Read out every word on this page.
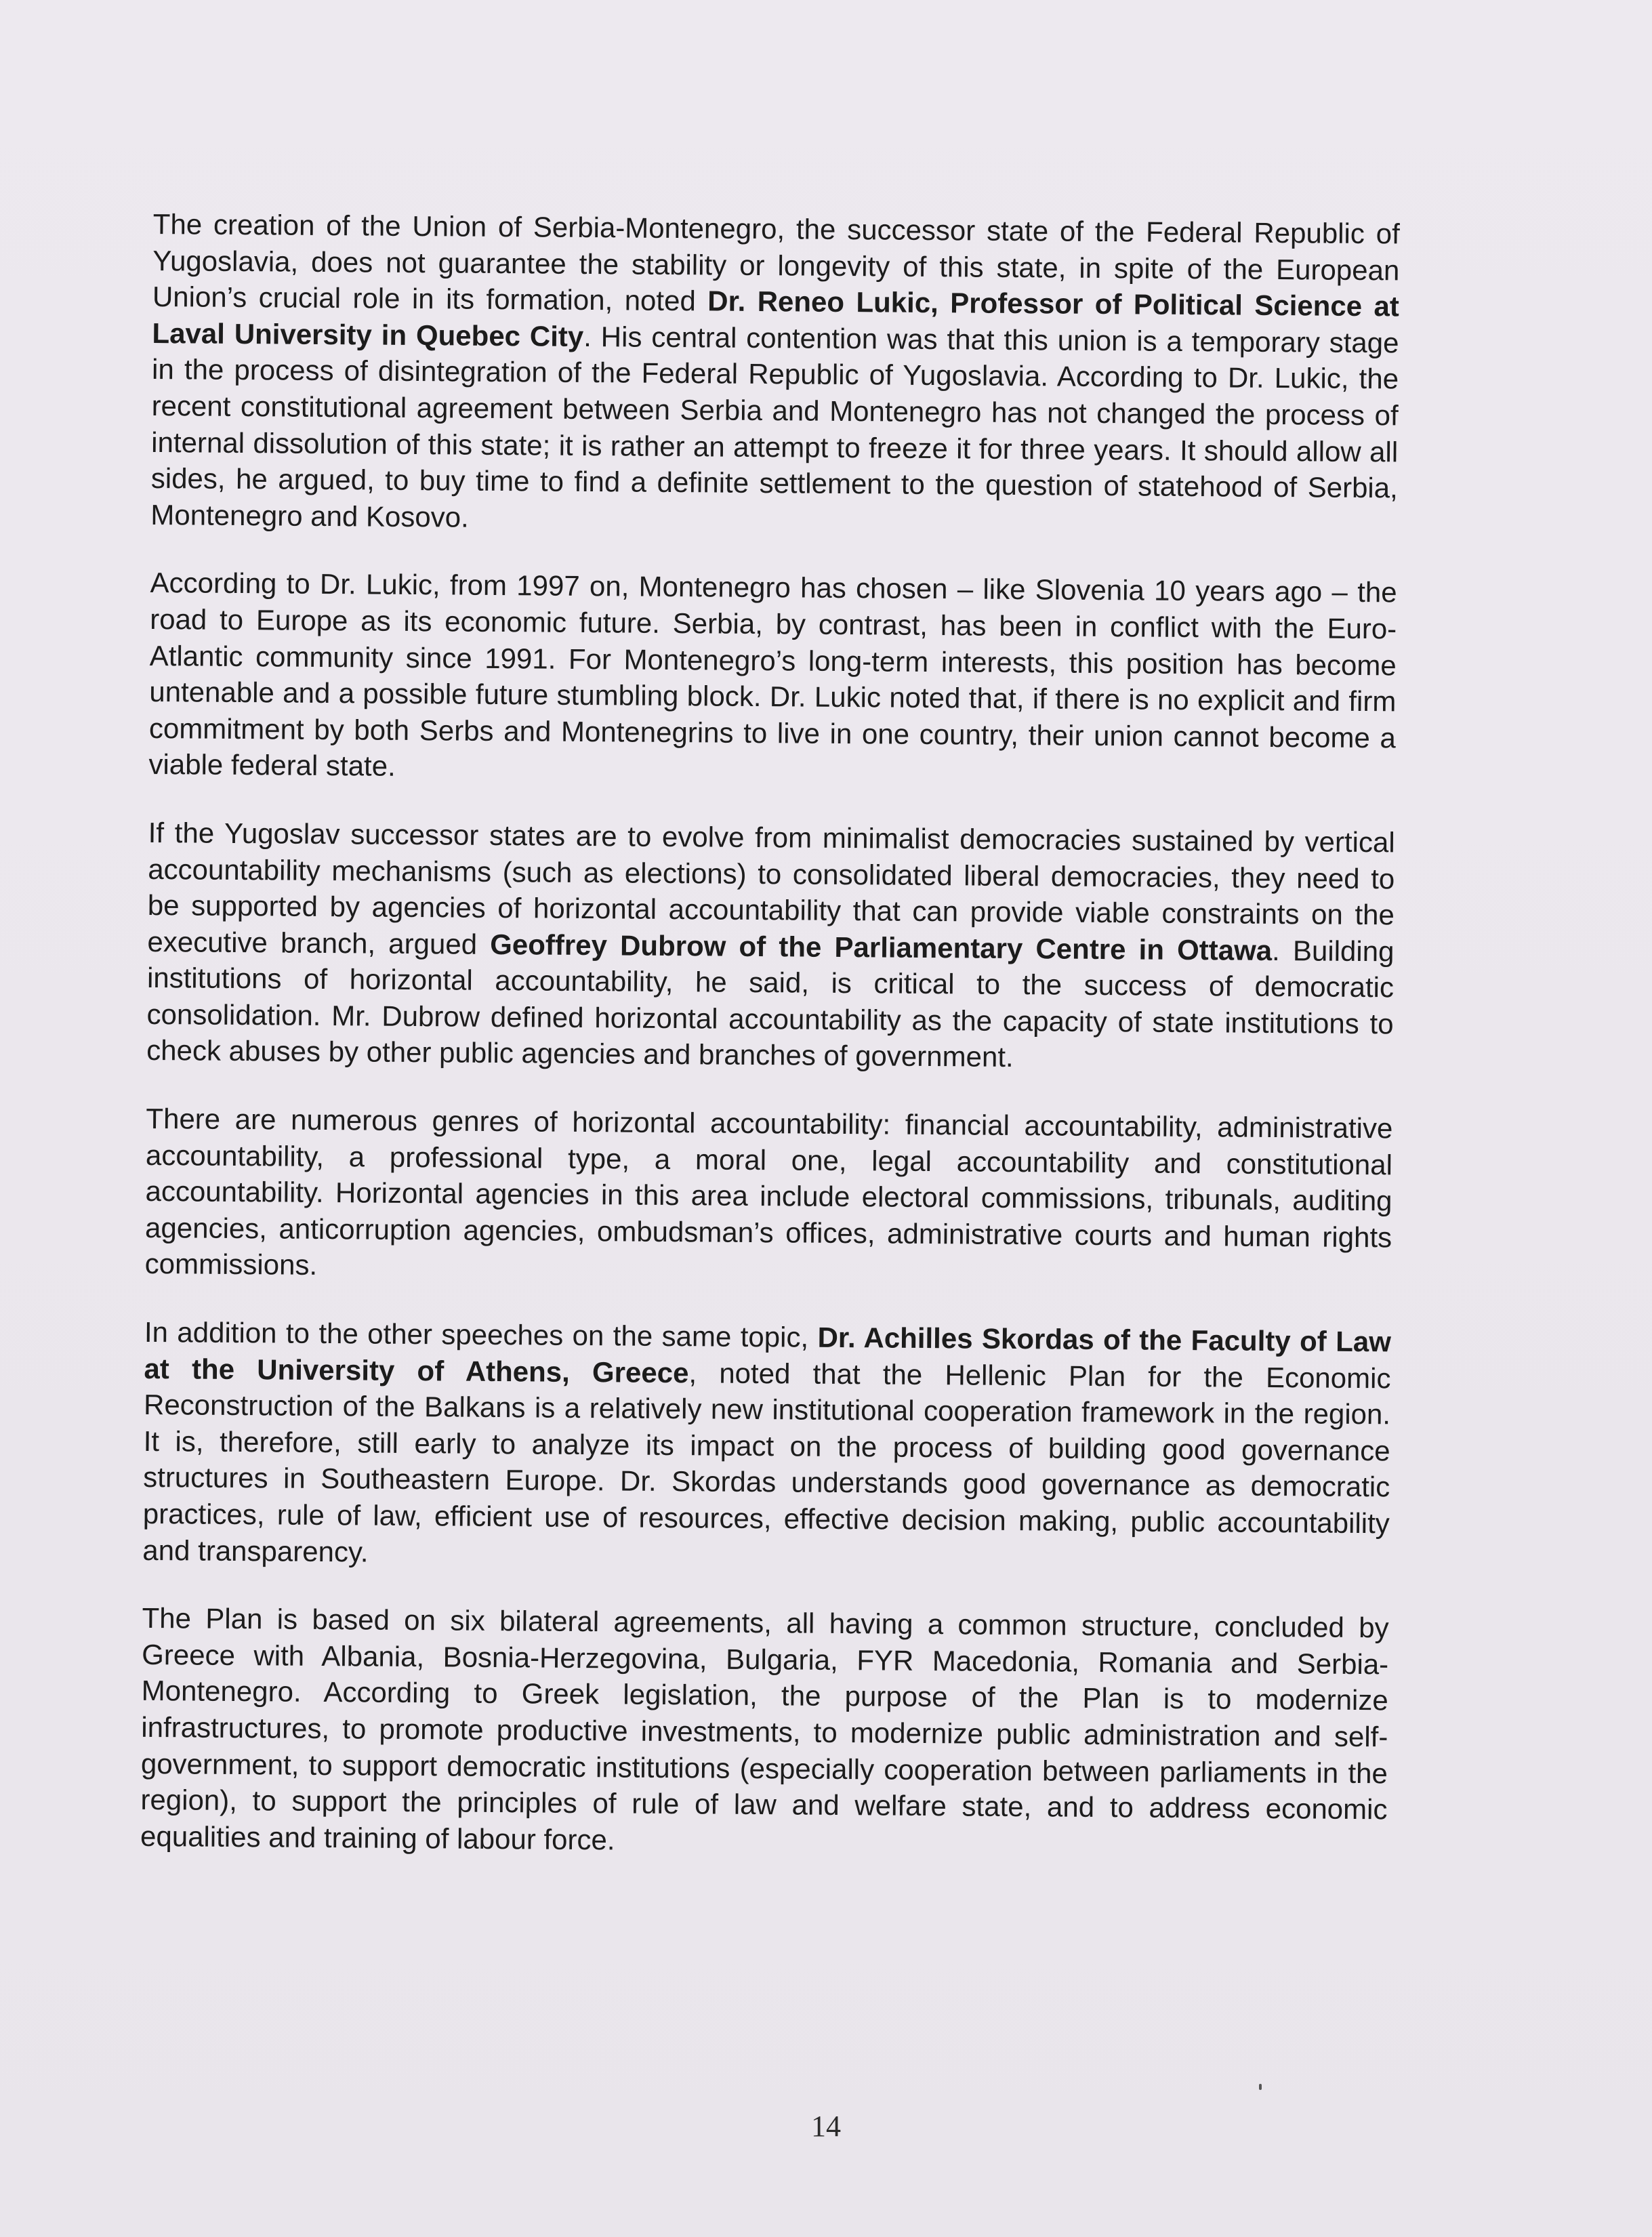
The creation of the Union of Serbia-Montenegro, the successor state of the Federal Republic of Yugoslavia, does not guarantee the stability or longevity of this state, in spite of the European Union’s crucial role in its formation, noted Dr. Reneo Lukic, Professor of Political Science at Laval University in Quebec City. His central contention was that this union is a temporary stage in the process of disintegration of the Federal Republic of Yugoslavia. According to Dr. Lukic, the recent constitutional agreement between Serbia and Montenegro has not changed the process of internal dissolution of this state; it is rather an attempt to freeze it for three years. It should allow all sides, he argued, to buy time to find a definite settlement to the question of statehood of Serbia, Montenegro and Kosovo.

According to Dr. Lukic, from 1997 on, Montenegro has chosen – like Slovenia 10 years ago – the road to Europe as its economic future. Serbia, by contrast, has been in conflict with the Euro-Atlantic community since 1991. For Montenegro’s long-term interests, this position has become untenable and a possible future stumbling block. Dr. Lukic noted that, if there is no explicit and firm commitment by both Serbs and Montenegrins to live in one country, their union cannot become a viable federal state.

If the Yugoslav successor states are to evolve from minimalist democracies sustained by vertical accountability mechanisms (such as elections) to consolidated liberal democracies, they need to be supported by agencies of horizontal accountability that can provide viable constraints on the executive branch, argued Geoffrey Dubrow of the Parliamentary Centre in Ottawa. Building institutions of horizontal accountability, he said, is critical to the success of democratic consolidation. Mr. Dubrow defined horizontal accountability as the capacity of state institutions to check abuses by other public agencies and branches of government.

There are numerous genres of horizontal accountability: financial accountability, administrative accountability, a professional type, a moral one, legal accountability and constitutional accountability. Horizontal agencies in this area include electoral commissions, tribunals, auditing agencies, anticorruption agencies, ombudsman’s offices, administrative courts and human rights commissions.

In addition to the other speeches on the same topic, Dr. Achilles Skordas of the Faculty of Law at the University of Athens, Greece, noted that the Hellenic Plan for the Economic Reconstruction of the Balkans is a relatively new institutional cooperation framework in the region. It is, therefore, still early to analyze its impact on the process of building good governance structures in Southeastern Europe. Dr. Skordas understands good governance as democratic practices, rule of law, efficient use of resources, effective decision making, public accountability and transparency.

The Plan is based on six bilateral agreements, all having a common structure, concluded by Greece with Albania, Bosnia-Herzegovina, Bulgaria, FYR Macedonia, Romania and Serbia-Montenegro. According to Greek legislation, the purpose of the Plan is to modernize infrastructures, to promote productive investments, to modernize public administration and self-government, to support democratic institutions (especially cooperation between parliaments in the region), to support the principles of rule of law and welfare state, and to address economic equalities and training of labour force.

14
